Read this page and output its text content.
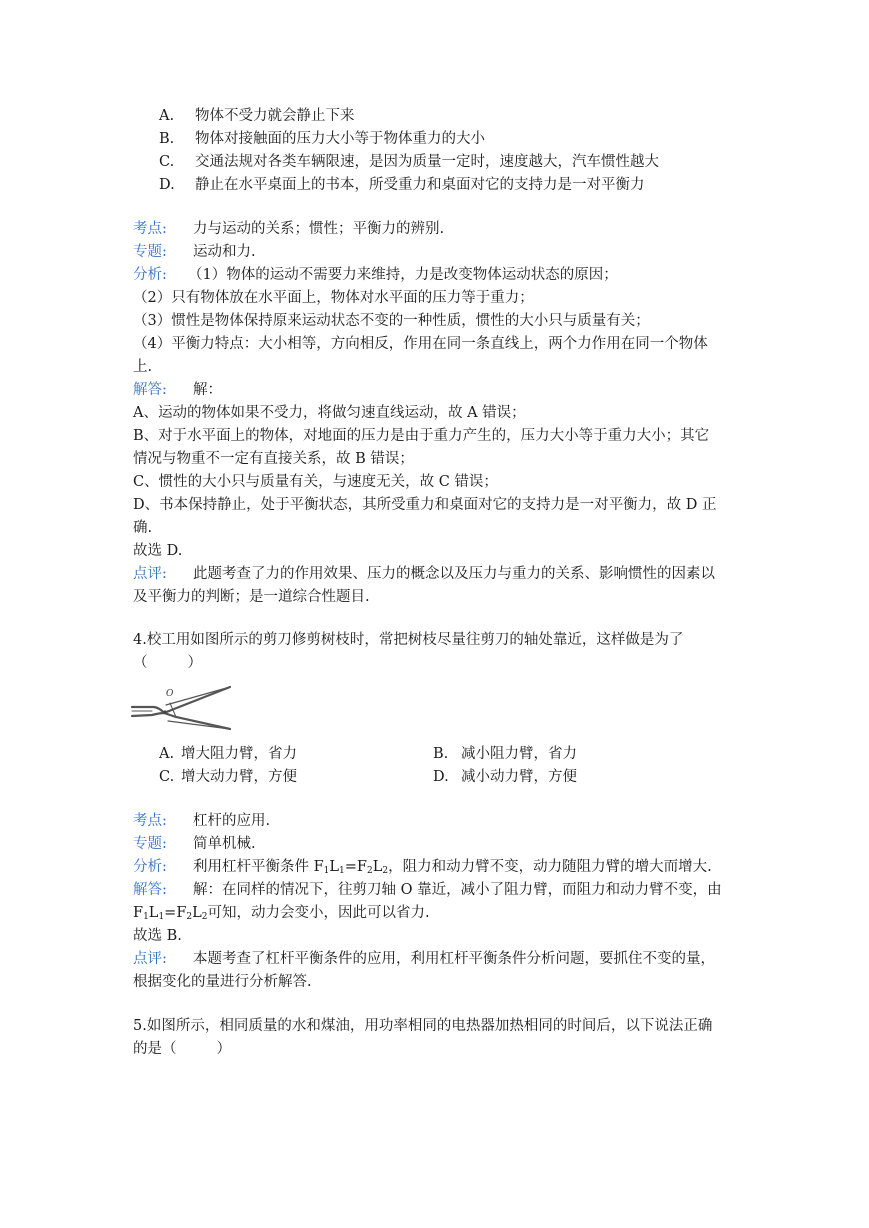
A. 物体不受力就会静止下来
B. 物体对接触面的压力大小等于物体重力的大小
C. 交通法规对各类车辆限速，是因为质量一定时，速度越大，汽车惯性越大
D. 静止在水平桌面上的书本，所受重力和桌面对它的支持力是一对平衡力
考点: 力与运动的关系；惯性；平衡力的辨别.
专题: 运动和力.
分析: （1）物体的运动不需要力来维持，力是改变物体运动状态的原因；
（2）只有物体放在水平面上，物体对水平面的压力等于重力；
（3）惯性是物体保持原来运动状态不变的一种性质，惯性的大小只与质量有关；
（4）平衡力特点：大小相等，方向相反，作用在同一条直线上，两个力作用在同一个物体
上.
解答: 解：
A、运动的物体如果不受力，将做匀速直线运动，故 A 错误；
B、对于水平面上的物体，对地面的压力是由于重力产生的，压力大小等于重力大小；其它
情况与物重不一定有直接关系，故 B 错误；
C、惯性的大小只与质量有关，与速度无关，故 C 错误；
D、书本保持静止，处于平衡状态，其所受重力和桌面对它的支持力是一对平衡力，故 D 正
确.
故选 D.
点评: 此题考查了力的作用效果、压力的概念以及压力与重力的关系、影响惯性的因素以
及平衡力的判断；是一道综合性题目.
4.校工用如图所示的剪刀修剪树枝时，常把树枝尽量往剪刀的轴处靠近，这样做是为了
（	）
O
A. 增大阻力臂，省力	B. 减小阻力臂，省力
C. 增大动力臂，方便	D. 减小动力臂，方便
考点: 杠杆的应用.
专题: 简单机械.
分析: 利用杠杆平衡条件 $F_1L_1=F_2L_2$，阻力和动力臂不变，动力随阻力臂的增大而增大.
解答: 解：在同样的情况下，往剪刀轴 O 靠近，减小了阻力臂，而阻力和动力臂不变，由
$F_1L_1=F_2L_2$可知，动力会变小，因此可以省力.
故选 B.
点评: 本题考查了杠杆平衡条件的应用，利用杠杆平衡条件分析问题，要抓住不变的量，
根据变化的量进行分析解答.
5.如图所示，相同质量的水和煤油，用功率相同的电热器加热相同的时间后，以下说法正确
的是（	）
